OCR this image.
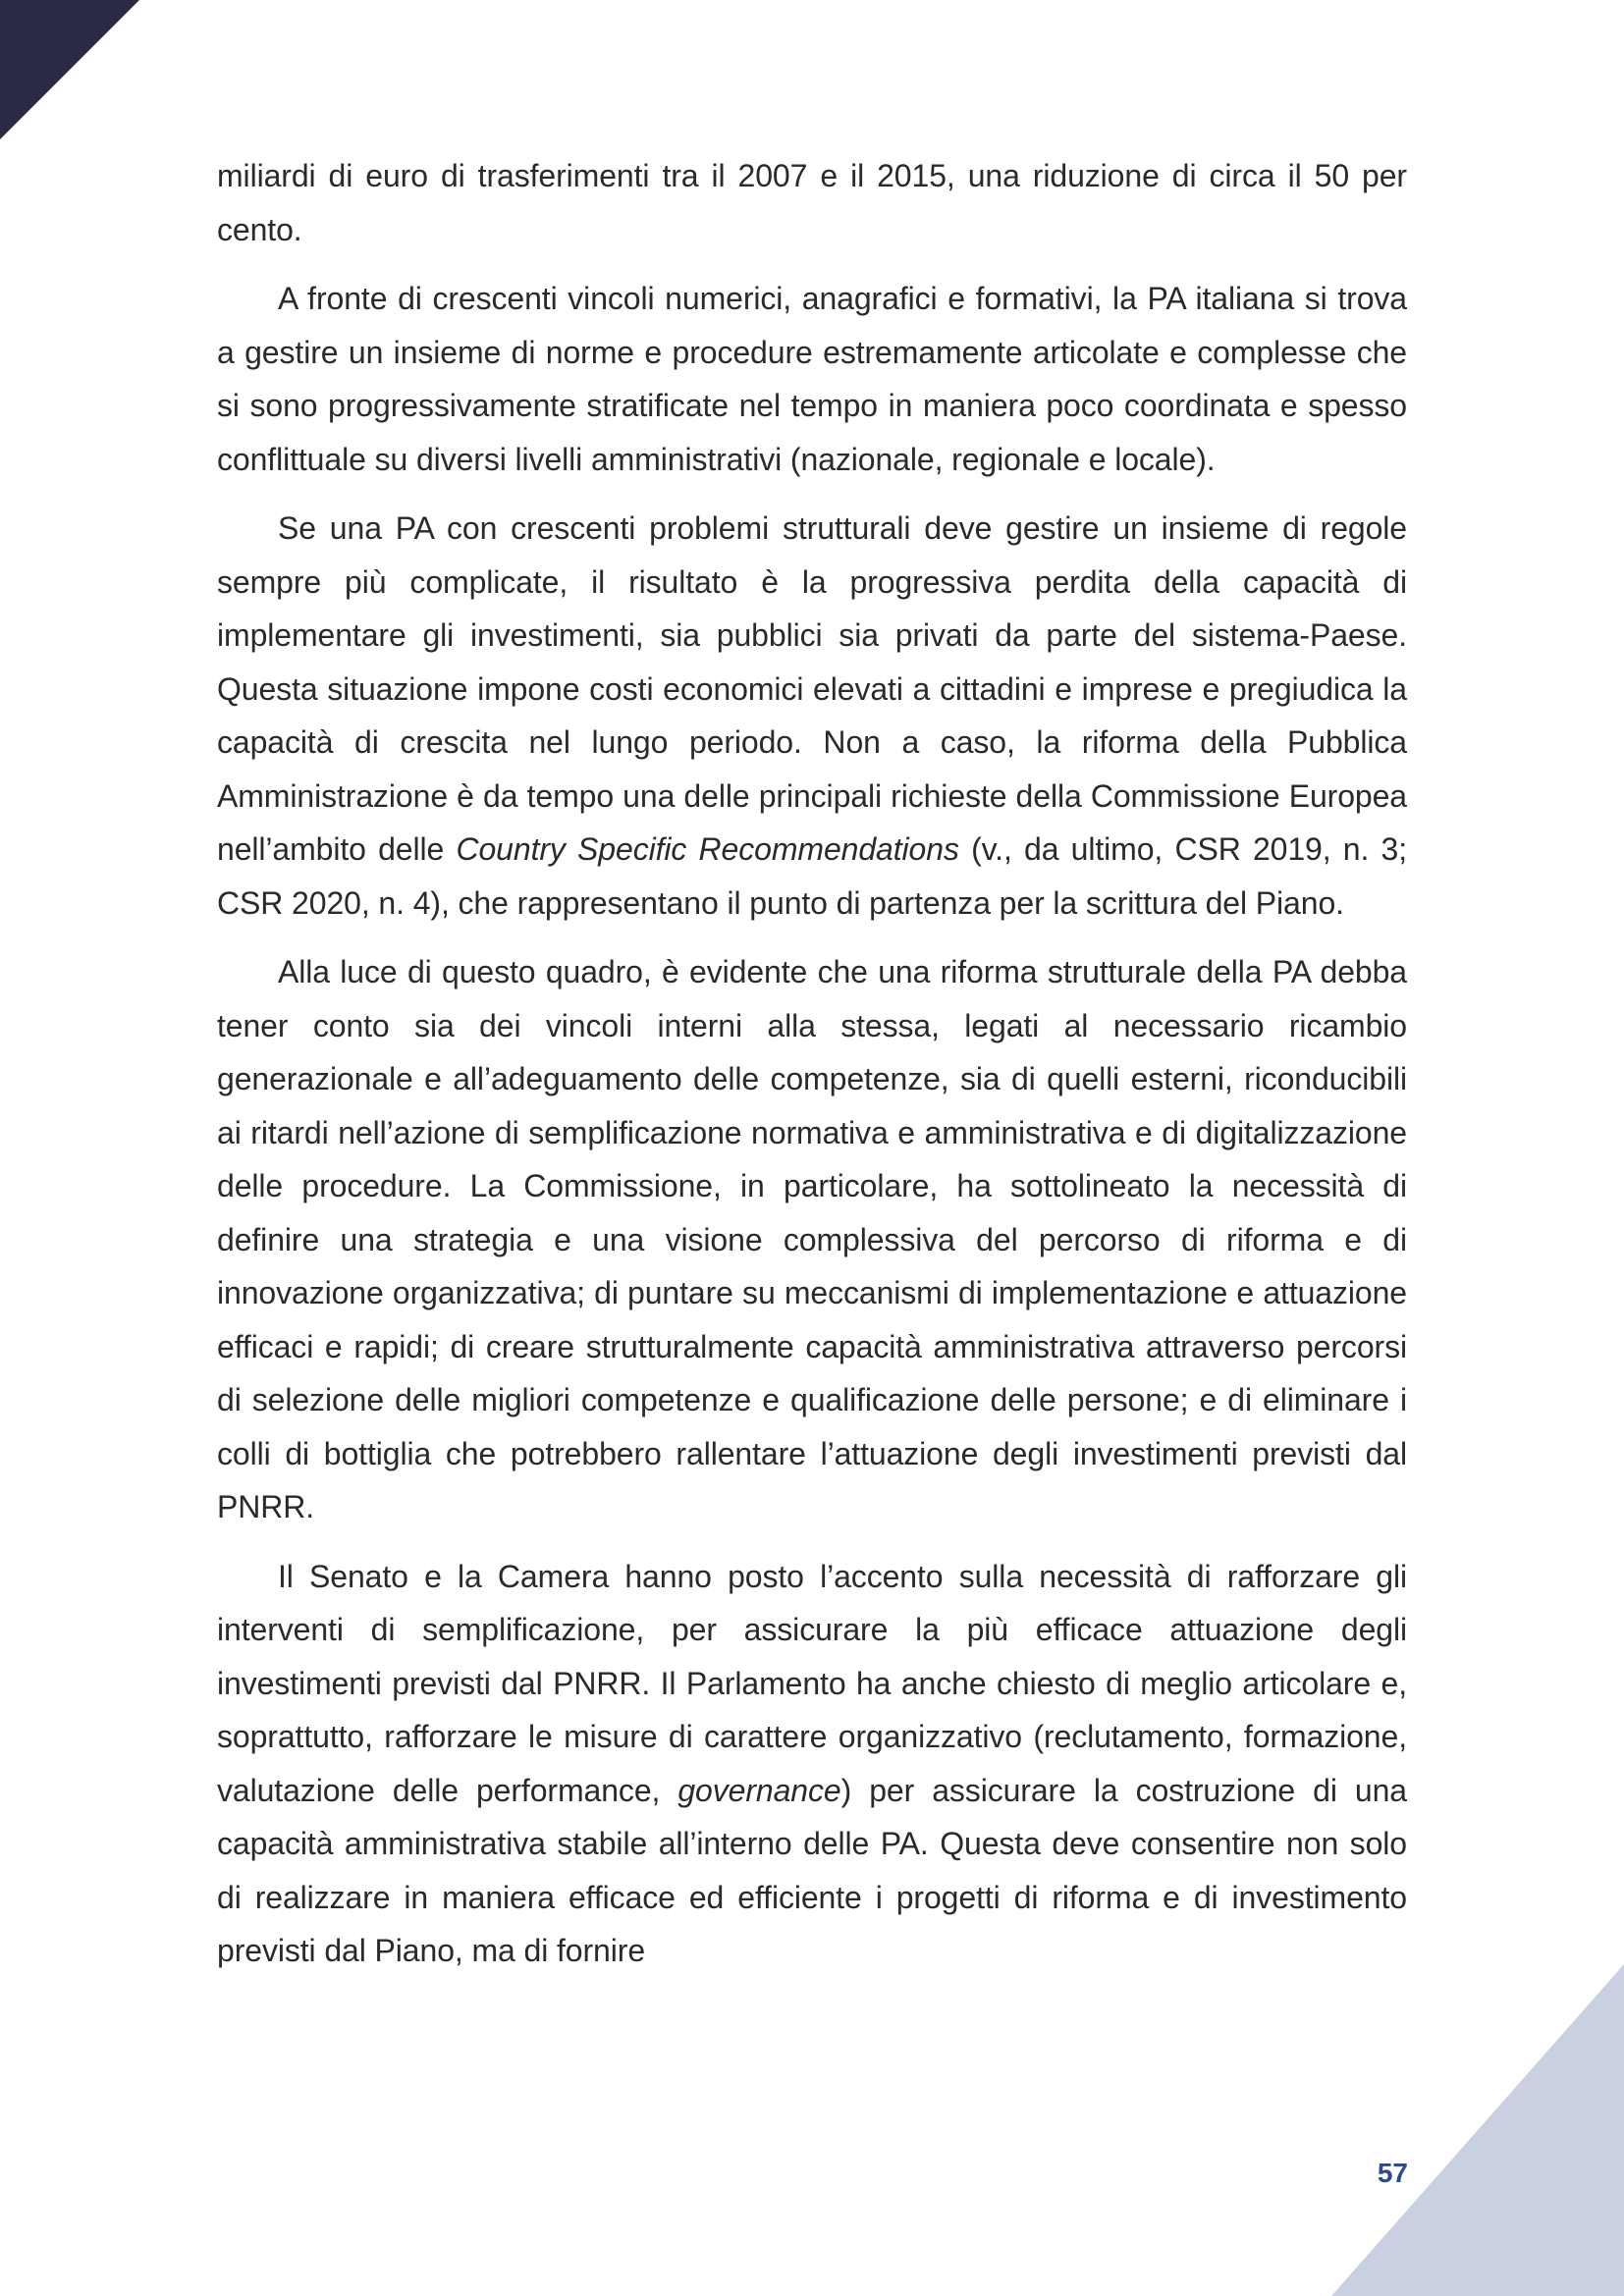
miliardi di euro di trasferimenti tra il 2007 e il 2015, una riduzione di circa il 50 per cento.

A fronte di crescenti vincoli numerici, anagrafici e formativi, la PA italiana si trova a gestire un insieme di norme e procedure estremamente articolate e complesse che si sono progressivamente stratificate nel tempo in maniera poco coordinata e spesso conflittuale su diversi livelli amministrativi (nazionale, regionale e locale).

Se una PA con crescenti problemi strutturali deve gestire un insieme di regole sempre più complicate, il risultato è la progressiva perdita della capacità di implementare gli investimenti, sia pubblici sia privati da parte del sistema-Paese. Questa situazione impone costi economici elevati a cittadini e imprese e pregiudica la capacità di crescita nel lungo periodo. Non a caso, la riforma della Pubblica Amministrazione è da tempo una delle principali richieste della Commissione Europea nell’ambito delle Country Specific Recommendations (v., da ultimo, CSR 2019, n. 3; CSR 2020, n. 4), che rappresentano il punto di partenza per la scrittura del Piano.

Alla luce di questo quadro, è evidente che una riforma strutturale della PA debba tener conto sia dei vincoli interni alla stessa, legati al necessario ricambio generazionale e all’adeguamento delle competenze, sia di quelli esterni, riconducibili ai ritardi nell’azione di semplificazione normativa e amministrativa e di digitalizzazione delle procedure. La Commissione, in particolare, ha sottolineato la necessità di definire una strategia e una visione complessiva del percorso di riforma e di innovazione organizzativa; di puntare su meccanismi di implementazione e attuazione efficaci e rapidi; di creare strutturalmente capacità amministrativa attraverso percorsi di selezione delle migliori competenze e qualificazione delle persone; e di eliminare i colli di bottiglia che potrebbero rallentare l’attuazione degli investimenti previsti dal PNRR.

Il Senato e la Camera hanno posto l’accento sulla necessità di rafforzare gli interventi di semplificazione, per assicurare la più efficace attuazione degli investimenti previsti dal PNRR. Il Parlamento ha anche chiesto di meglio articolare e, soprattutto, rafforzare le misure di carattere organizzativo (reclutamento, formazione, valutazione delle performance, governance) per assicurare la costruzione di una capacità amministrativa stabile all’interno delle PA. Questa deve consentire non solo di realizzare in maniera efficace ed efficiente i progetti di riforma e di investimento previsti dal Piano, ma di fornire

57
